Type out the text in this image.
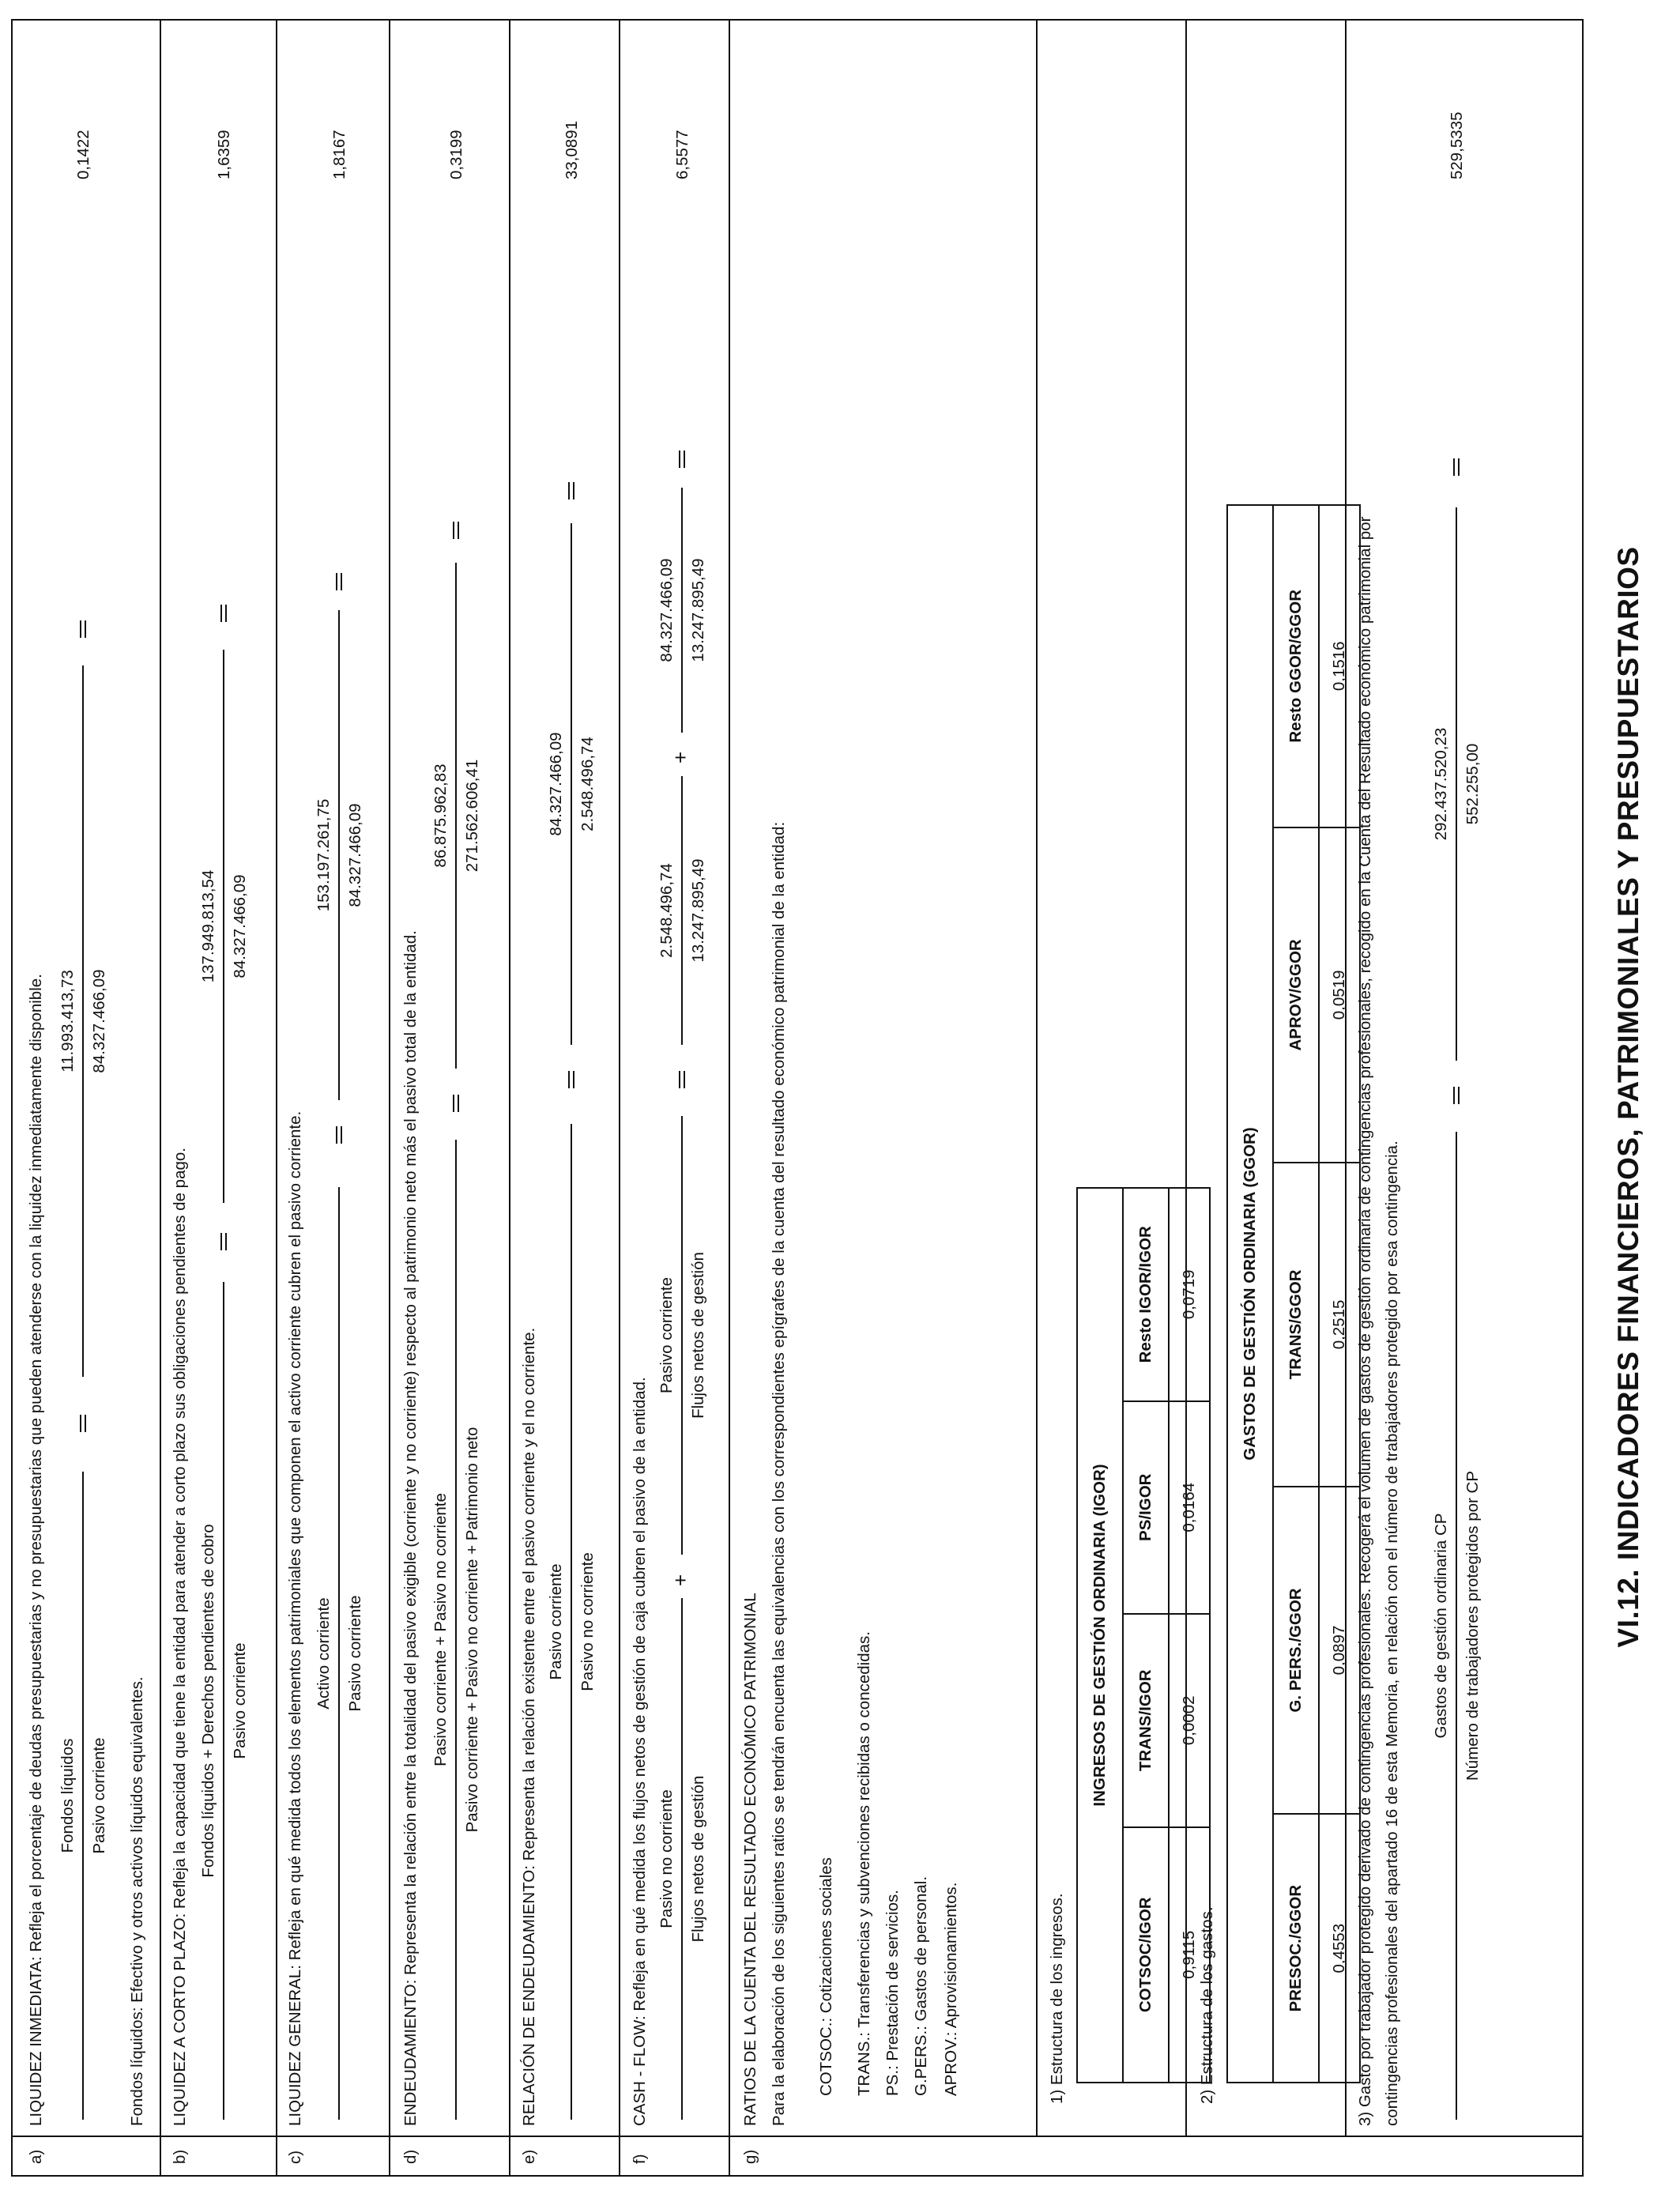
VI.12. INDICADORES FINANCIEROS, PATRIMONIALES Y PRESUPUESTARIOS
a)
LIQUIDEZ INMEDIATA: Refleja el porcentaje de deudas presupuestarias y no presupuestarias que pueden atenderse con la liquidez inmediatamente disponible. Fondos líquidos Pasivo corriente
11.993.413,73 84.327.466,09
0,1422
Fondos líquidos: Efectivo y otros activos líquidos equivalentes.
b)
LIQUIDEZ A CORTO PLAZO: Refleja la capacidad que tiene la entidad para atender a corto plazo sus obligaciones pendientes de pago. Fondos líquidos + Derechos pendientes de cobro Pasivo corriente
137.949.813,54 84.327.466,09
1,6359
c)
LIQUIDEZ GENERAL: Refleja en qué medida todos los elementos patrimoniales que componen el activo corriente cubren el pasivo corriente. Activo corriente Pasivo corriente
153.197.261,75 84.327.466,09
1,8167
d)
ENDEUDAMIENTO: Representa la relación entre la totalidad del pasivo exigible (corriente y no corriente) respecto al patrimonio neto más el pasivo total de la entidad. Pasivo corriente + Pasivo no corriente Pasivo corriente + Pasivo no corriente + Patrimonio neto
86.875.962,83 271.562.606,41
0,3199
e)
RELACIÓN DE ENDEUDAMIENTO: Representa la relación existente entre el pasivo corriente y el no corriente. Pasivo corriente Pasivo no corriente
84.327.466,09 2.548.496,74
33,0891
f)
CASH - FLOW: Refleja en qué medida los flujos netos de gestión de caja cubren el pasivo de la entidad. Pasivo no corriente Flujos netos de gestión
+
Pasivo corriente Flujos netos de gestión
2.548.496,74 13.247.895,49
+
84.327.466,09 13.247.895,49
6,5577
g)
RATIOS DE LA CUENTA DEL RESULTADO ECONÓMICO PATRIMONIAL Para la elaboración de los siguientes ratios se tendrán encuenta las equivalencias con los correspondientes epígrafes de la cuenta del resultado económico patrimonial de la entidad: COTSOC.: Cotizaciones sociales TRANS.: Transferencias y subvenciones recibidas o concedidas. PS.: Prestación de servicios. G.PERS.: Gastos de personal. APROV.: Aprovisionamientos.	1) Estructura de los ingresos.
INGRESOS DE GESTIÓN ORDINARIA (IGOR)			
COTSOC/IGOR	TRANS/IGOR	PS/IGOR	Resto IGOR/IGOR
0,9115	0,0002	0,0164	0,0719
2) Estructura de los gastos.
GASTOS DE GESTIÓN ORDINARIA (GGOR)				
PRESOC./GGOR	G. PERS./GGOR	TRANS/GGOR	APROV/GGOR	Resto GGOR/GGOR
0,4553	0,0897	0,2515	0,0519	0,1516 3) Gasto por trabajador protegido derivado de contingencias profesionales. Recogerá el volumen de gastos de gestión ordinaria de contingencias profesionales, recogido en la Cuenta del Resultado económico patrimonial por contingencias profesionales del apartado 16 de esta Memoria, en relación con el número de trabajadores protegido por esa contingencia. Gastos de gestión ordinaria CP Número de trabajadores protegidos por CP
292.437.520,23 552.255,00
529,5335
